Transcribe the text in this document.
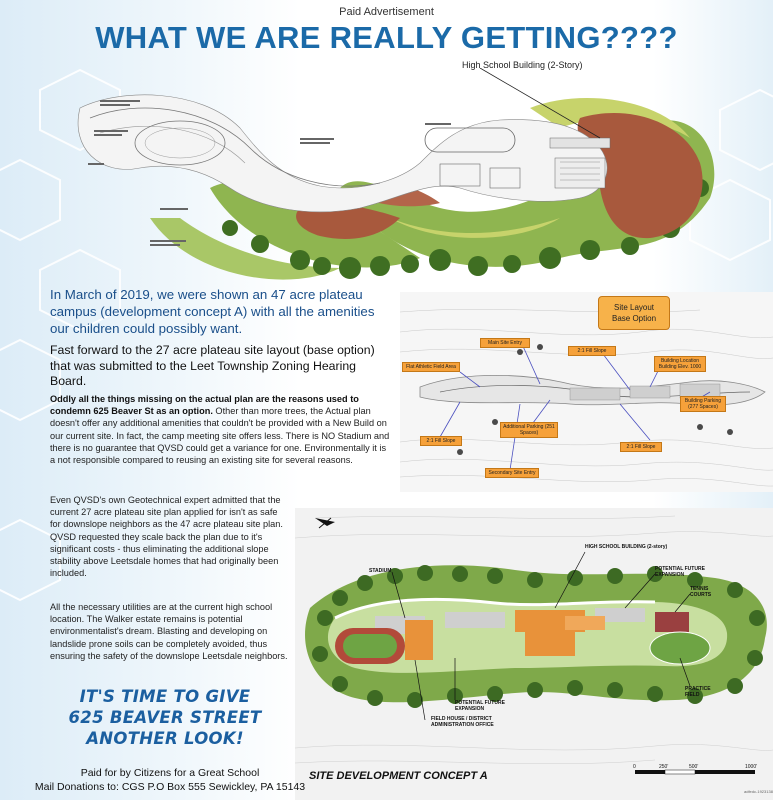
Paid Advertisement
WHAT WE ARE REALLY GETTING????
High School Building (2-Story)
Site Layout
Base Option
Main Site Entry
2:1 Fill Slope
Flat Athletic Field Area
Building Location Building Elev. 1000
Building Parking (277 Spaces)
Additional Parking (251 Spaces)
2:1 Fill Slope
2:1 Fill Slope
Secondary Site Entry
HIGH SCHOOL BUILDING (2-story)
POTENTIAL FUTURE EXPANSION
TENNIS COURTS
STADIUM
PRACTICE FIELD
POTENTIAL FUTURE EXPANSION
FIELD HOUSE / DISTRICT ADMINISTRATION OFFICE
SITE DEVELOPMENT CONCEPT A
0	250'	500'	1000'
In March of 2019, we were shown an 47 acre plateau campus (development concept A) with all the amenities our children could possibly want.
Fast forward to the 27 acre plateau site layout (base option) that was submitted to the Leet Township Zoning Hearing Board.
Oddly all the things missing on the actual plan are the reasons used to condemn 625 Beaver St as an option. Other than more trees, the Actual plan doesn't offer any additional amenities that couldn't be provided with a New Build on our current site. In fact, the camp meeting site offers less. There is NO Stadium and there is no guarantee that QVSD could get a variance for one. Environmentally it is a not responsible compared to reusing an existing site for several reasons.
Even QVSD's own Geotechnical expert admitted that the current 27 acre plateau site plan applied for isn't as safe for downslope neighbors as the 47 acre plateau site plan. QVSD requested they scale back the plan due to it's significant costs - thus eliminating the additional slope stability above Leetsdale homes that had originally been included.
All the necessary utilities are at the current high school location. The Walker estate remains is potential environmentalist's dream. Blasting and developing on landslide prone soils can be completely avoided, thus ensuring the safety of the downslope Leetsdale neighbors.
IT'S TIME TO GIVE
625 BEAVER STREET
ANOTHER LOOK!
Paid for by Citizens for a Great School
Mail Donations to: CGS P.O Box 555 Sewickley, PA 15143	adfedc-1923138
